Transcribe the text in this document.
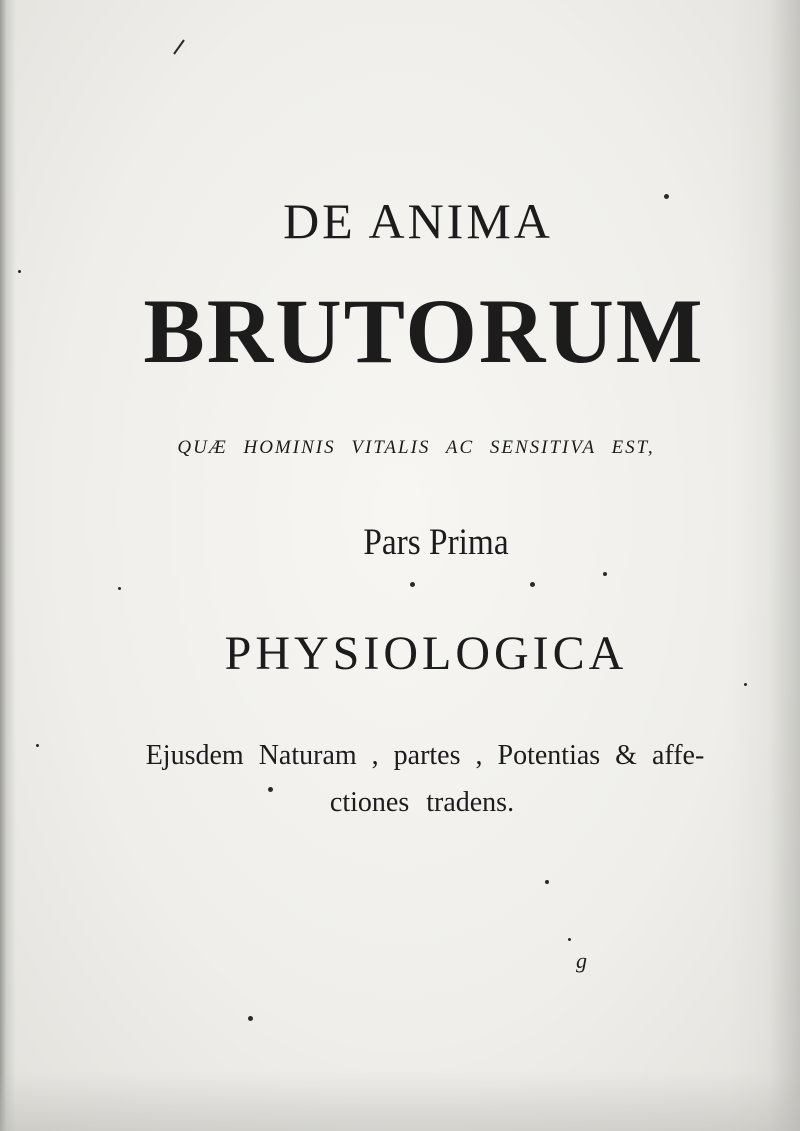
DE ANIMA
BRUTORUM
QUÆ HOMINIS VITALIS AC SENSITIVA EST,
Pars Prima
PHYSIOLOGICA
Ejusdem Naturam , partes , Potentias & affe-
ctiones tradens.
g
